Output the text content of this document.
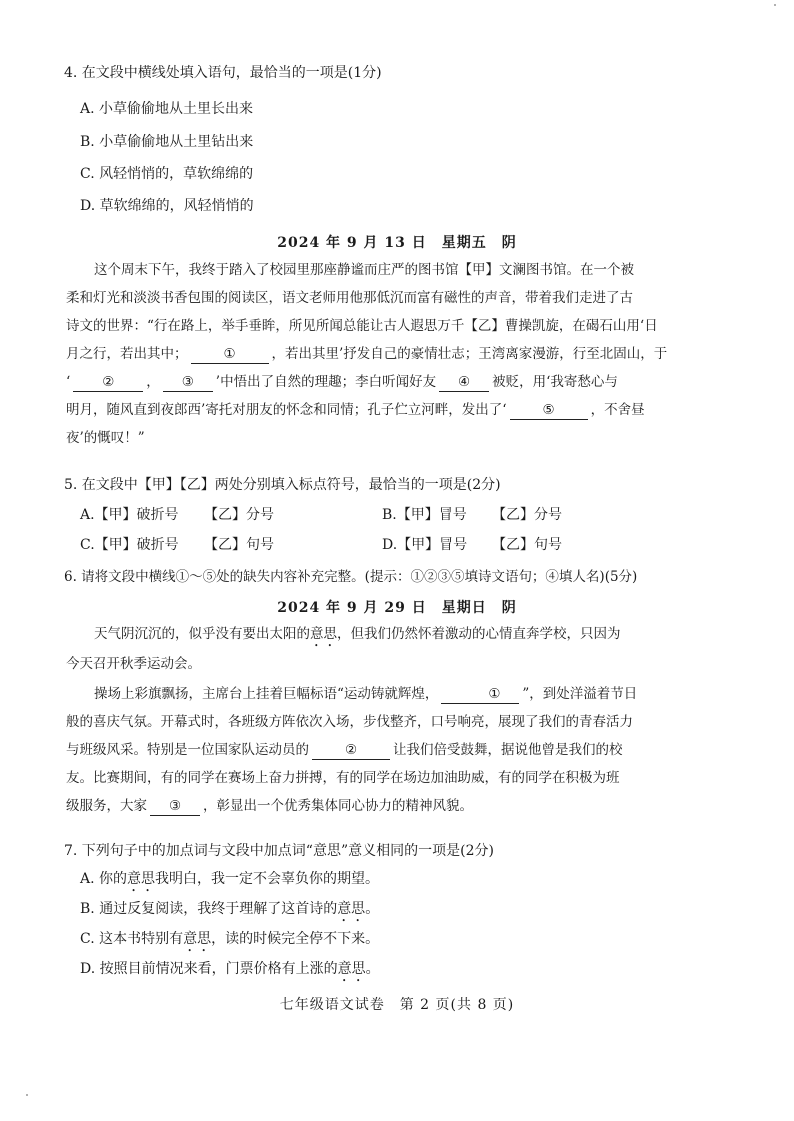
4. 在文段中横线处填入语句，最恰当的一项是(1分)
A. 小草偷偷地从土里长出来
B. 小草偷偷地从土里钻出来
C. 风轻悄悄的，草软绵绵的
D. 草软绵绵的，风轻悄悄的
2024 年 9 月 13 日　星期五　阴
这个周末下午，我终于踏入了校园里那座静谧而庄严的图书馆【甲】文澜图书馆。在一个被
柔和灯光和淡淡书香包围的阅读区，语文老师用他那低沉而富有磁性的声音，带着我们走进了古
诗文的世界：“行在路上，举手垂眸，所见所闻总能让古人遐思万千【乙】曹操凯旋，在碣石山用‘日
月之行，若出其中；	①	，若出其里’抒发自己的豪情壮志；王湾离家漫游，行至北固山，于
‘ ② ， ③ ’中悟出了自然的理趣；李白听闻好友 ④ 被贬，用‘我寄愁心与
明月，随风直到夜郎西’寄托对朋友的怀念和同情；孔子伫立河畔，发出了‘	⑤	，不舍昼
夜’的慨叹！”
5. 在文段中【甲】【乙】两处分别填入标点符号，最恰当的一项是(2分)
A.【甲】破折号 【乙】分号	B.【甲】冒号 【乙】分号
C.【甲】破折号 【乙】句号	D.【甲】冒号 【乙】句号
6. 请将文段中横线①～⑤处的缺失内容补充完整。(提示：①②③⑤填诗文语句；④填人名)(5分)
2024 年 9 月 29 日　星期日　阴
天气阴沉沉的，似乎没有要出太阳的意思，但我们仍然怀着激动的心情直奔学校，只因为
今天召开秋季运动会。
操场上彩旗飘扬，主席台上挂着巨幅标语“运动铸就辉煌，	① ”，到处洋溢着节日
般的喜庆气氛。开幕式时，各班级方阵依次入场，步伐整齐，口号响亮，展现了我们的青春活力
与班级风采。特别是一位国家队运动员的	②	让我们倍受鼓舞，据说他曾是我们的校
友。比赛期间，有的同学在赛场上奋力拼搏，有的同学在场边加油助威，有的同学在积极为班
级服务，大家 ③ ，彰显出一个优秀集体同心协力的精神风貌。
7. 下列句子中的加点词与文段中加点词“意思”意义相同的一项是(2分)
A. 你的意思我明白，我一定不会辜负你的期望。
B. 通过反复阅读，我终于理解了这首诗的意思。
C. 这本书特别有意思，读的时候完全停不下来。
D. 按照目前情况来看，门票价格有上涨的意思。
七年级语文试卷　第 2 页(共 8 页)
